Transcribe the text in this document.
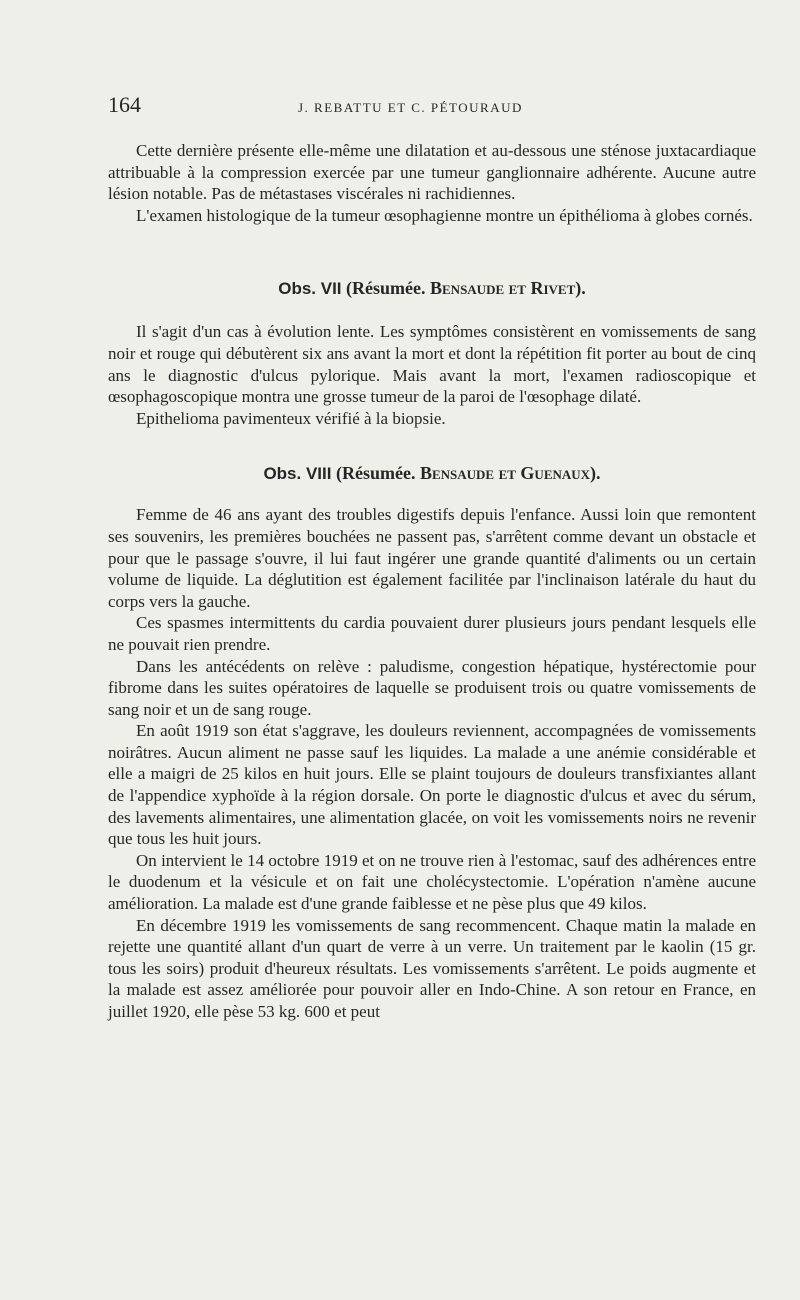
164	J. REBATTU ET C. PÉTOURAUD

Cette dernière présente elle-même une dilatation et au-dessous une sténose juxtacardiaque attribuable à la compression exercée par une tumeur ganglionnaire adhérente. Aucune autre lésion notable. Pas de métastases viscérales ni rachidiennes.

L'examen histologique de la tumeur œsophagienne montre un épithélioma à globes cornés.

Obs. VII (Résumée. Bensaude et Rivet).

Il s'agit d'un cas à évolution lente. Les symptômes consistèrent en vomissements de sang noir et rouge qui débutèrent six ans avant la mort et dont la répétition fit porter au bout de cinq ans le diagnostic d'ulcus pylorique. Mais avant la mort, l'examen radioscopique et œsophagoscopique montra une grosse tumeur de la paroi de l'œsophage dilaté.

Epithelioma pavimenteux vérifié à la biopsie.

Obs. VIII (Résumée. Bensaude et Guenaux).

Femme de 46 ans ayant des troubles digestifs depuis l'enfance. Aussi loin que remontent ses souvenirs, les premières bouchées ne passent pas, s'arrêtent comme devant un obstacle et pour que le passage s'ouvre, il lui faut ingérer une grande quantité d'aliments ou un certain volume de liquide. La déglutition est également facilitée par l'inclinaison latérale du haut du corps vers la gauche.

Ces spasmes intermittents du cardia pouvaient durer plusieurs jours pendant lesquels elle ne pouvait rien prendre.

Dans les antécédents on relève : paludisme, congestion hépatique, hystérectomie pour fibrome dans les suites opératoires de laquelle se produisent trois ou quatre vomissements de sang noir et un de sang rouge.

En août 1919 son état s'aggrave, les douleurs reviennent, accompagnées de vomissements noirâtres. Aucun aliment ne passe sauf les liquides. La malade a une anémie considérable et elle a maigri de 25 kilos en huit jours. Elle se plaint toujours de douleurs transfixiantes allant de l'appendice xyphoïde à la région dorsale. On porte le diagnostic d'ulcus et avec du sérum, des lavements alimentaires, une alimentation glacée, on voit les vomissements noirs ne revenir que tous les huit jours.

On intervient le 14 octobre 1919 et on ne trouve rien à l'estomac, sauf des adhérences entre le duodenum et la vésicule et on fait une cholécystectomie. L'opération n'amène aucune amélioration. La malade est d'une grande faiblesse et ne pèse plus que 49 kilos.

En décembre 1919 les vomissements de sang recommencent. Chaque matin la malade en rejette une quantité allant d'un quart de verre à un verre. Un traitement par le kaolin (15 gr. tous les soirs) produit d'heureux résultats. Les vomissements s'arrêtent. Le poids augmente et la malade est assez améliorée pour pouvoir aller en Indo-Chine. A son retour en France, en juillet 1920, elle pèse 53 kg. 600 et peut
